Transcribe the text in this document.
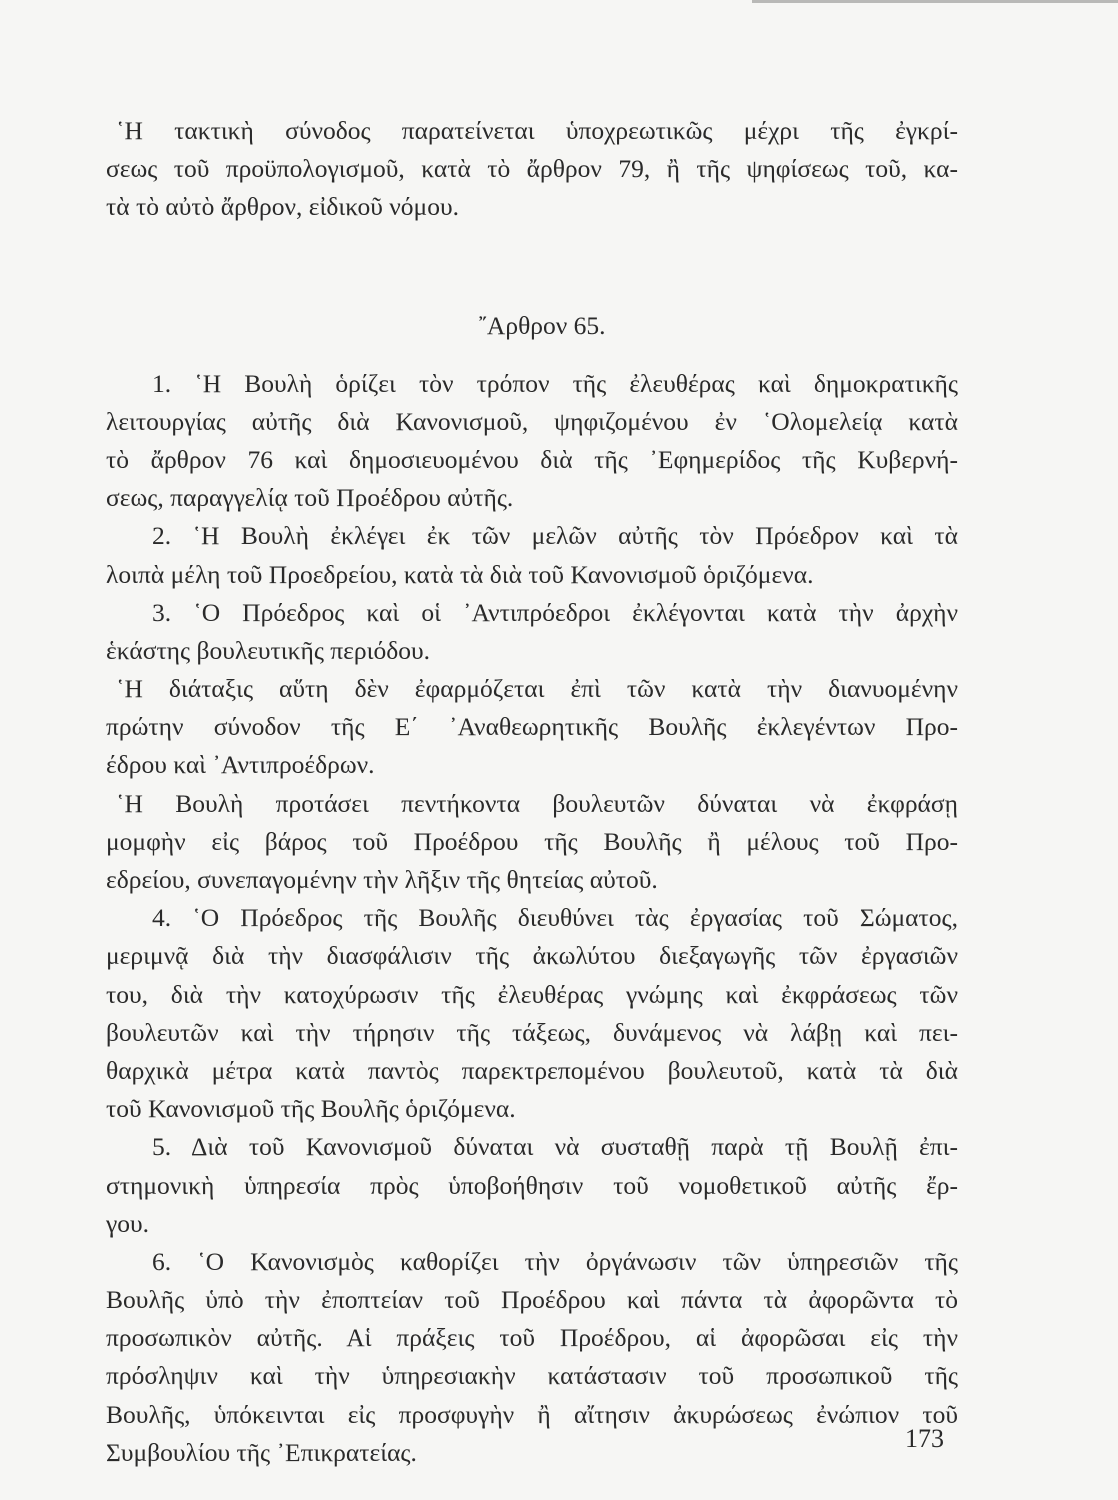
῾Η τακτικὴ σύνοδος παρατείνεται ὑποχρεωτικῶς μέχρι τῆς ἐγκρί-
σεως τοῦ προϋπολογισμοῦ, κατὰ τὸ ἄρθρον 79, ἢ τῆς ψηφίσεως τοῦ, κα-
τὰ τὸ αὐτὸ ἄρθρον, εἰδικοῦ νόμου.
῎Αρθρον 65.
1. ῾Η Βουλὴ ὁρίζει τὸν τρόπον τῆς ἐλευθέρας καὶ δημοκρατικῆς
λειτουργίας αὐτῆς διὰ Κανονισμοῦ, ψηφιζομένου ἐν ῾Ολομελείᾳ κατὰ
τὸ ἄρθρον 76 καὶ δημοσιευομένου διὰ τῆς ᾿Εφημερίδος τῆς Κυβερνή-
σεως, παραγγελίᾳ τοῦ Προέδρου αὐτῆς.
2. ῾Η Βουλὴ ἐκλέγει ἐκ τῶν μελῶν αὐτῆς τὸν Πρόεδρον καὶ τὰ
λοιπὰ μέλη τοῦ Προεδρείου, κατὰ τὰ διὰ τοῦ Κανονισμοῦ ὁριζόμενα.
3. ῾Ο Πρόεδρος καὶ οἱ ᾿Αντιπρόεδροι ἐκλέγονται κατὰ τὴν ἀρχὴν
ἑκάστης βουλευτικῆς περιόδου.
῾Η διάταξις αὕτη δὲν ἐφαρμόζεται ἐπὶ τῶν κατὰ τὴν διανυομένην
πρώτην σύνοδον τῆς Ε΄ ᾿Αναθεωρητικῆς Βουλῆς ἐκλεγέντων Προ-
έδρου καὶ ᾿Αντιπροέδρων.
῾Η Βουλὴ προτάσει πεντήκοντα βουλευτῶν δύναται νὰ ἐκφράσῃ
μομφὴν εἰς βάρος τοῦ Προέδρου τῆς Βουλῆς ἢ μέλους τοῦ Προ-
εδρείου, συνεπαγομένην τὴν λῆξιν τῆς θητείας αὐτοῦ.
4. ῾Ο Πρόεδρος τῆς Βουλῆς διευθύνει τὰς ἐργασίας τοῦ Σώματος,
μεριμνᾷ διὰ τὴν διασφάλισιν τῆς ἀκωλύτου διεξαγωγῆς τῶν ἐργασιῶν
του, διὰ τὴν κατοχύρωσιν τῆς ἐλευθέρας γνώμης καὶ ἐκφράσεως τῶν
βουλευτῶν καὶ τὴν τήρησιν τῆς τάξεως, δυνάμενος νὰ λάβῃ καὶ πει-
θαρχικὰ μέτρα κατὰ παντὸς παρεκτρεπομένου βουλευτοῦ, κατὰ τὰ διὰ
τοῦ Κανονισμοῦ τῆς Βουλῆς ὁριζόμενα.
5. Διὰ τοῦ Κανονισμοῦ δύναται νὰ συσταθῇ παρὰ τῇ Βουλῇ ἐπι-
στημονικὴ ὑπηρεσία πρὸς ὑποβοήθησιν τοῦ νομοθετικοῦ αὐτῆς ἔρ-
γου.
6. ῾Ο Κανονισμὸς καθορίζει τὴν ὀργάνωσιν τῶν ὑπηρεσιῶν τῆς
Βουλῆς ὑπὸ τὴν ἐποπτείαν τοῦ Προέδρου καὶ πάντα τὰ ἀφορῶντα τὸ
προσωπικὸν αὐτῆς. Αἱ πράξεις τοῦ Προέδρου, αἱ ἀφορῶσαι εἰς τὴν
πρόσληψιν καὶ τὴν ὑπηρεσιακὴν κατάστασιν τοῦ προσωπικοῦ τῆς
Βουλῆς, ὑπόκεινται εἰς προσφυγὴν ἢ αἴτησιν ἀκυρώσεως ἐνώπιον τοῦ
Συμβουλίου τῆς ᾿Επικρατείας.	173
